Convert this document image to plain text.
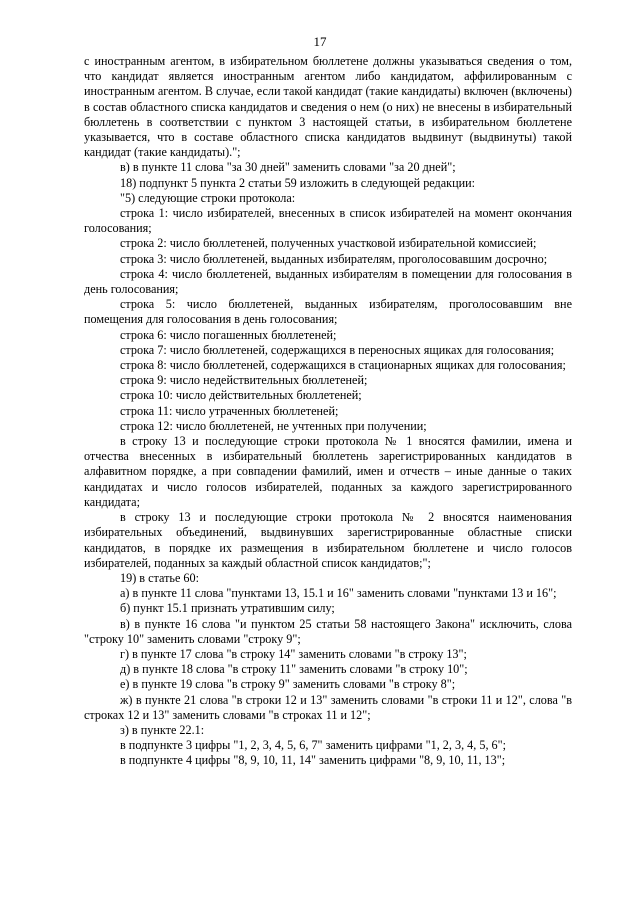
17

с иностранным агентом, в избирательном бюллетене должны указываться сведения о том, что кандидат является иностранным агентом либо кандидатом, аффилированным с иностранным агентом. В случае, если такой кандидат (такие кандидаты) включен (включены) в состав областного списка кандидатов и сведения о нем (о них) не внесены в избирательный бюллетень в соответствии с пунктом 3 настоящей статьи, в избирательном бюллетене указывается, что в составе областного списка кандидатов выдвинут (выдвинуты) такой кандидат (такие кандидаты).";

в) в пункте 11 слова "за 30 дней" заменить словами "за 20 дней";

18) подпункт 5 пункта 2 статьи 59 изложить в следующей редакции:

"5) следующие строки протокола:

строка 1: число избирателей, внесенных в список избирателей на момент окончания голосования;

строка 2: число бюллетеней, полученных участковой избирательной комиссией;

строка 3: число бюллетеней, выданных избирателям, проголосовавшим досрочно;

строка 4: число бюллетеней, выданных избирателям в помещении для голосования в день голосования;

строка 5: число бюллетеней, выданных избирателям, проголосовавшим вне помещения для голосования в день голосования;

строка 6: число погашенных бюллетеней;

строка 7: число бюллетеней, содержащихся в переносных ящиках для голосования;

строка 8: число бюллетеней, содержащихся в стационарных ящиках для голосования;

строка 9: число недействительных бюллетеней;

строка 10: число действительных бюллетеней;

строка 11: число утраченных бюллетеней;

строка 12: число бюллетеней, не учтенных при получении;

в строку 13 и последующие строки протокола № 1 вносятся фамилии, имена и отчества внесенных в избирательный бюллетень зарегистрированных кандидатов в алфавитном порядке, а при совпадении фамилий, имен и отчеств – иные данные о таких кандидатах и число голосов избирателей, поданных за каждого зарегистрированного кандидата;

в строку 13 и последующие строки протокола № 2 вносятся наименования избирательных объединений, выдвинувших зарегистрированные областные списки кандидатов, в порядке их размещения в избирательном бюллетене и число голосов избирателей, поданных за каждый областной список кандидатов;";

19) в статье 60:

а) в пункте 11 слова "пунктами 13, 15.1 и 16" заменить словами "пунктами 13 и 16";

б) пункт 15.1 признать утратившим силу;

в) в пункте 16 слова "и пунктом 25 статьи 58 настоящего Закона" исключить, слова "строку 10" заменить словами "строку 9";

г) в пункте 17 слова "в строку 14" заменить словами "в строку 13";

д) в пункте 18 слова "в строку 11" заменить словами "в строку 10";

е) в пункте 19 слова "в строку 9" заменить словами "в строку 8";

ж) в пункте 21 слова "в строки 12 и 13" заменить словами "в строки 11 и 12", слова "в строках 12 и 13" заменить словами "в строках 11 и 12";

з) в пункте 22.1:

в подпункте 3 цифры "1, 2, 3, 4, 5, 6, 7" заменить цифрами "1, 2, 3, 4, 5, 6";

в подпункте 4 цифры "8, 9, 10, 11, 14" заменить цифрами "8, 9, 10, 11, 13";
